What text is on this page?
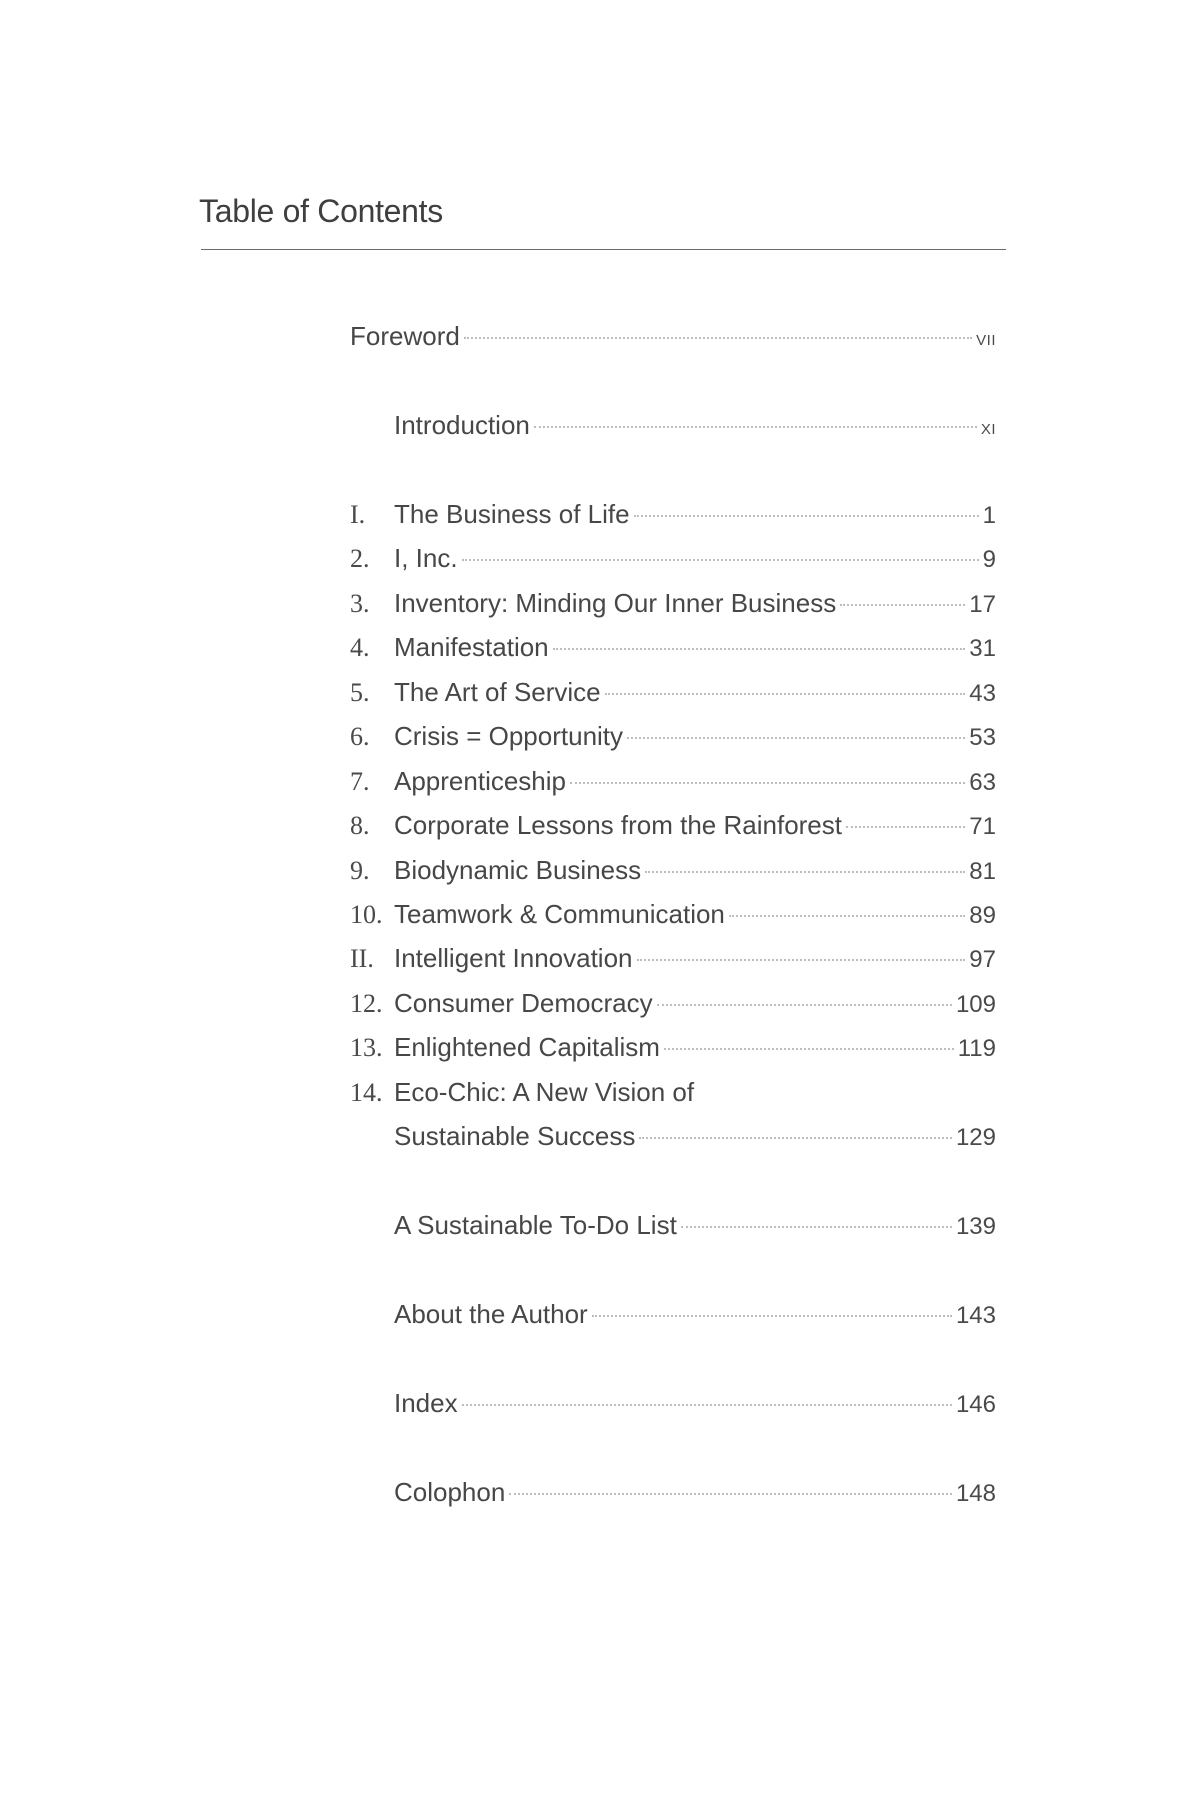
Table of Contents
Foreword	VII
Introduction	XI
I.	The Business of Life	1
2. I, Inc.	9
3. Inventory: Minding Our Inner Business	17
4. Manifestation	31
5. The Art of Service	43
6. Crisis = Opportunity	53
7. Apprenticeship	63
8. Corporate Lessons from the Rainforest	71
9. Biodynamic Business	81
10. Teamwork & Communication	89
II. Intelligent Innovation	97
12. Consumer Democracy	109
13. Enlightened Capitalism	119
14. Eco-Chic: A New Vision of
Sustainable Success	129
A Sustainable To-Do List	139
About the Author	143
Index	146
Colophon	148
